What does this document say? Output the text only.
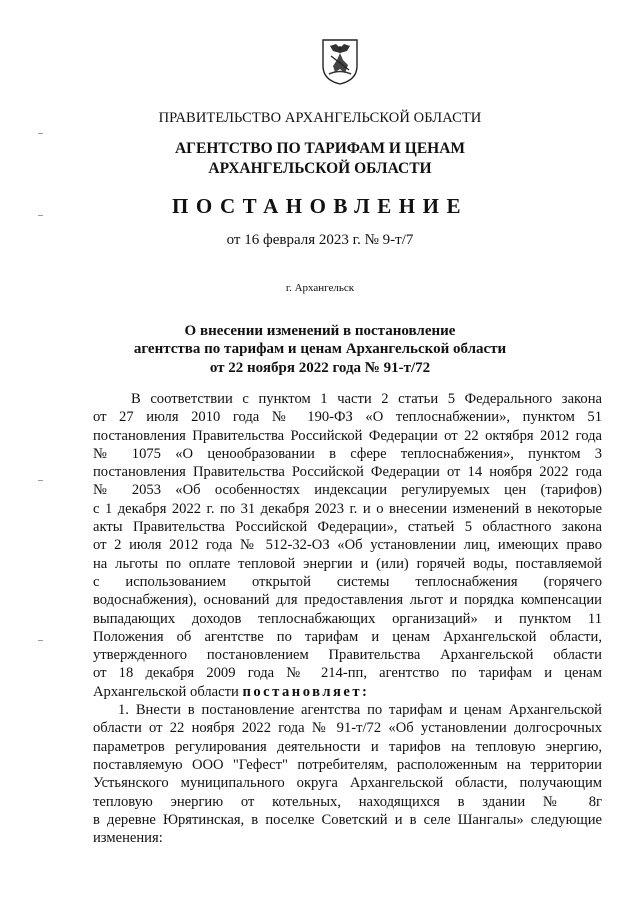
ПРАВИТЕЛЬСТВО АРХАНГЕЛЬСКОЙ ОБЛАСТИ
АГЕНТСТВО ПО ТАРИФАМ И ЦЕНАМ
АРХАНГЕЛЬСКОЙ ОБЛАСТИ
ПОСТАНОВЛЕНИЕ
от 16 февраля 2023 г. № 9-т/7
г. Архангельск
О внесении изменений в постановление
агентства по тарифам и ценам Архангельской области
от 22 ноября 2022 года № 91-т/72
В соответствии с пунктом 1 части 2 статьи 5 Федерального закона
от 27 июля 2010 года № 190-ФЗ «О теплоснабжении», пунктом 51
постановления Правительства Российской Федерации от 22 октября 2012 года
№ 1075 «О ценообразовании в сфере теплоснабжения», пунктом 3
постановления Правительства Российской Федерации от 14 ноября 2022 года
№ 2053 «Об особенностях индексации регулируемых цен (тарифов)
с 1 декабря 2022 г. по 31 декабря 2023 г. и о внесении изменений в некоторые
акты Правительства Российской Федерации», статьей 5 областного закона
от 2 июля 2012 года № 512-32-ОЗ «Об установлении лиц, имеющих право
на льготы по оплате тепловой энергии и (или) горячей воды, поставляемой
с использованием открытой системы теплоснабжения (горячего
водоснабжения), оснований для предоставления льгот и порядка компенсации
выпадающих доходов теплоснабжающих организаций» и пунктом 11
Положения об агентстве по тарифам и ценам Архангельской области,
утвержденного постановлением Правительства Архангельской области
от 18 декабря 2009 года № 214-пп, агентство по тарифам и ценам
Архангельской области постановляет:
1. Внести в постановление агентства по тарифам и ценам Архангельской
области от 22 ноября 2022 года № 91-т/72 «Об установлении долгосрочных
параметров регулирования деятельности и тарифов на тепловую энергию,
поставляемую ООО "Гефест" потребителям, расположенным на территории
Устьянского муниципального округа Архангельской области, получающим
тепловую энергию от котельных, находящихся в здании № 8г
в деревне Юрятинская, в поселке Советский и в селе Шангалы» следующие
изменения:
